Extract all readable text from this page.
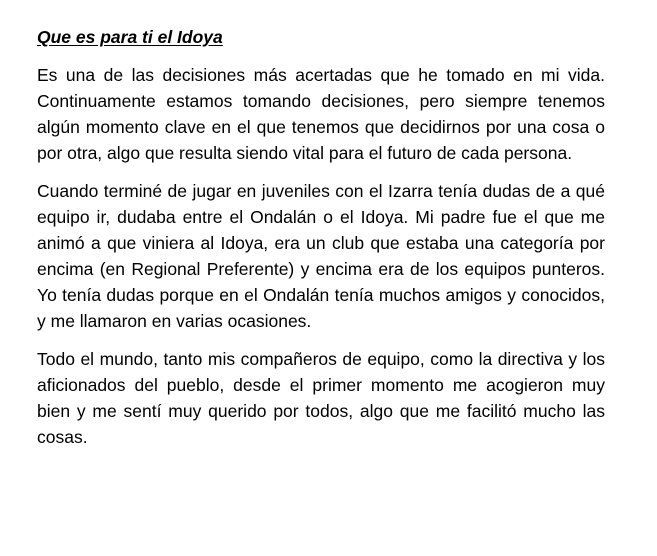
Que es para ti el Idoya

Es una de las decisiones más acertadas que he tomado en mi vida. Continuamente estamos tomando decisiones, pero siempre tenemos algún momento clave en el que tenemos que decidirnos por una cosa o por otra, algo que resulta siendo vital para el futuro de cada persona.

Cuando terminé de jugar en juveniles con el Izarra tenía dudas de a qué equipo ir, dudaba entre el Ondalán o el Idoya. Mi padre fue el que me animó a que viniera al Idoya, era un club que estaba una categoría por encima (en Regional Preferente) y encima era de los equipos punteros. Yo tenía dudas porque en el Ondalán tenía muchos amigos y conocidos, y me llamaron en varias ocasiones.

Todo el mundo, tanto mis compañeros de equipo, como la directiva y los aficionados del pueblo, desde el primer momento me acogieron muy bien y me sentí muy querido por todos, algo que me facilitó mucho las cosas.
